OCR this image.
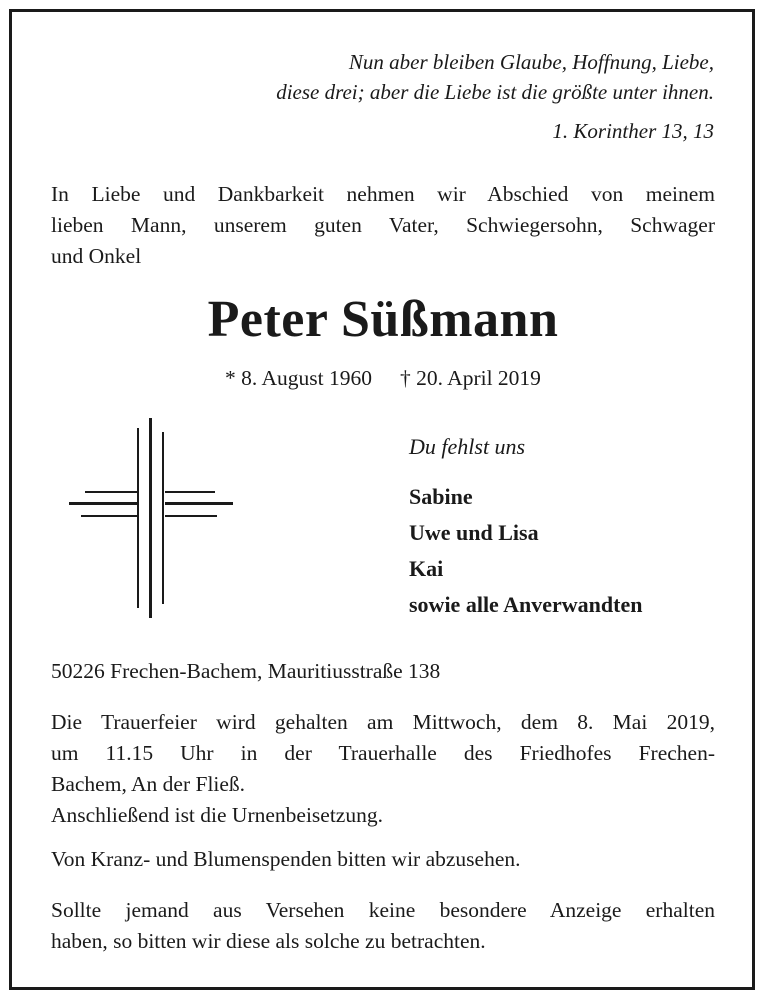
Nun aber bleiben Glaube, Hoffnung, Liebe,
diese drei; aber die Liebe ist die größte unter ihnen.
1. Korinther 13, 13
In Liebe und Dankbarkeit nehmen wir Abschied von meinem
lieben Mann, unserem guten Vater, Schwiegersohn, Schwager
und Onkel
Peter Süßmann
* 8. August 1960 † 20. April 2019
Du fehlst uns
Sabine
Uwe und Lisa
Kai
sowie alle Anverwandten
50226 Frechen-Bachem, Mauritiusstraße 138
Die Trauerfeier wird gehalten am Mittwoch, dem 8. Mai 2019,
um 11.15 Uhr in der Trauerhalle des Friedhofes Frechen-
Bachem, An der Fließ.
Anschließend ist die Urnenbeisetzung.
Von Kranz- und Blumenspenden bitten wir abzusehen.
Sollte jemand aus Versehen keine besondere Anzeige erhalten
haben, so bitten wir diese als solche zu betrachten.
